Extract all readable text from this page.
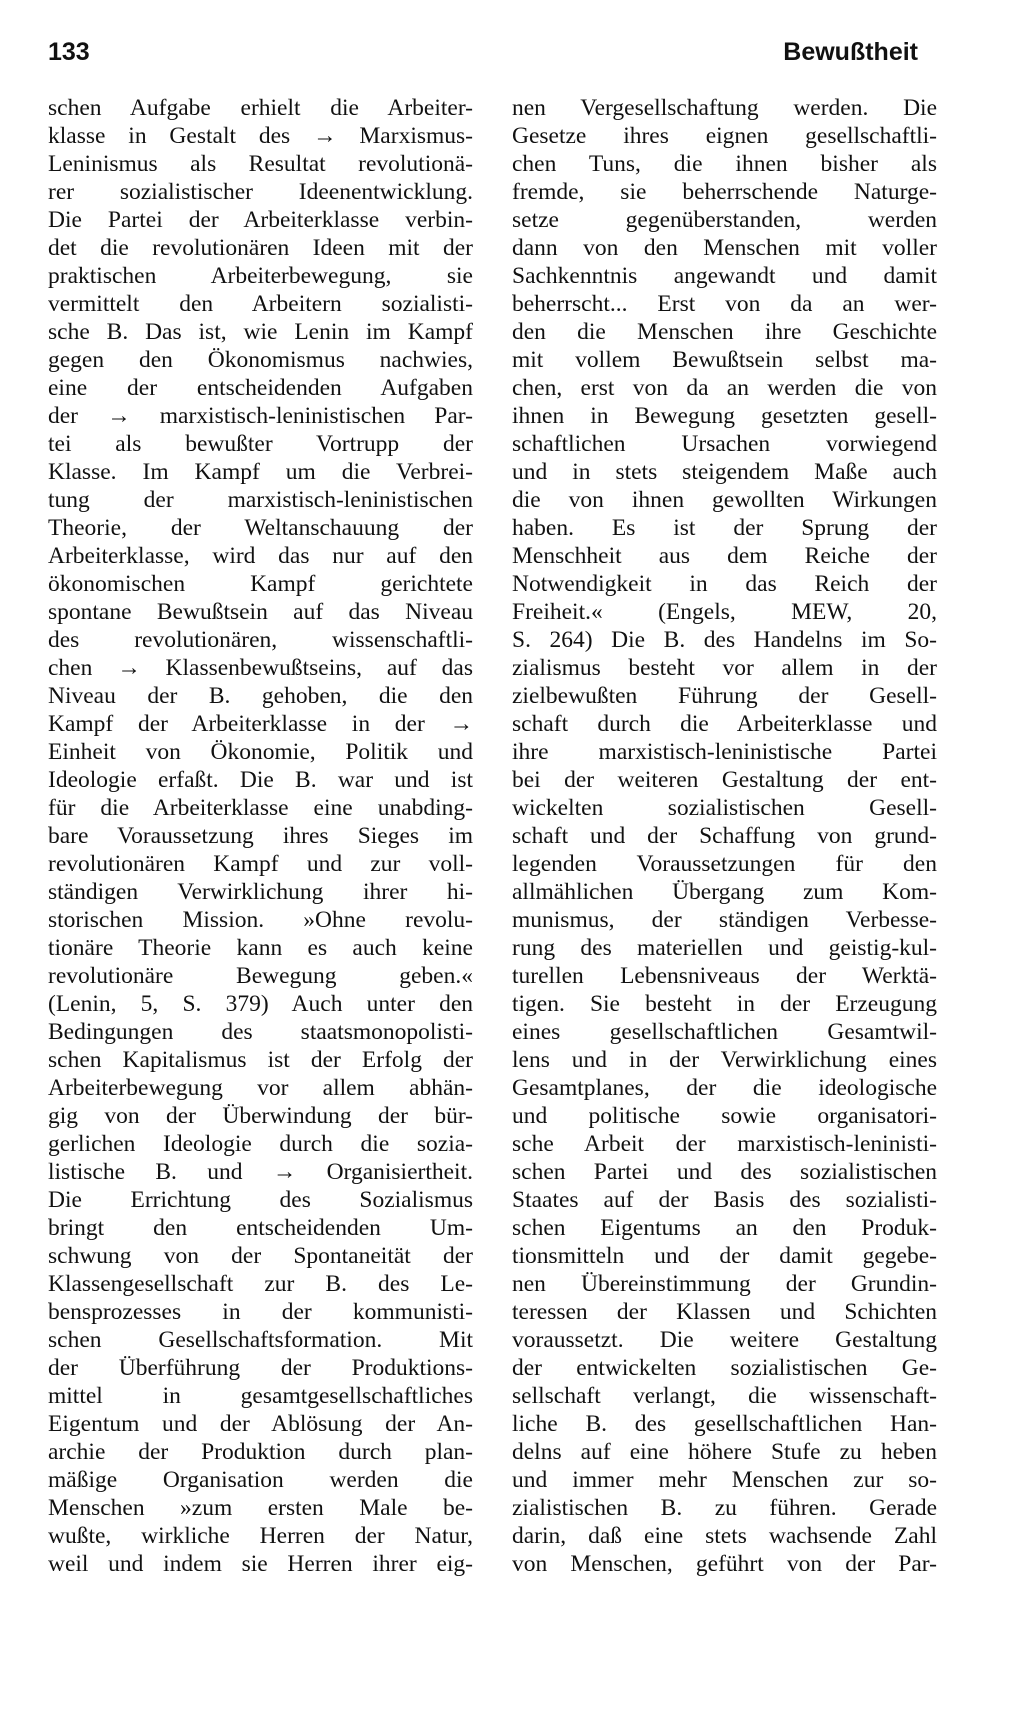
133	Bewußtheit
schen Aufgabe erhielt die Arbeiter-
klasse in Gestalt des → Marxismus-
Leninismus als Resultat revolutionä-
rer sozialistischer Ideenentwicklung.
Die Partei der Arbeiterklasse verbin-
det die revolutionären Ideen mit der
praktischen Arbeiterbewegung, sie
vermittelt den Arbeitern sozialisti-
sche B. Das ist, wie Lenin im Kampf
gegen den Ökonomismus nachwies,
eine der entscheidenden Aufgaben
der → marxistisch-leninistischen Par-
tei als bewußter Vortrupp der
Klasse. Im Kampf um die Verbrei-
tung der marxistisch-leninistischen
Theorie, der Weltanschauung der
Arbeiterklasse, wird das nur auf den
ökonomischen Kampf gerichtete
spontane Bewußtsein auf das Niveau
des revolutionären, wissenschaftli-
chen → Klassenbewußtseins, auf das
Niveau der B. gehoben, die den
Kampf der Arbeiterklasse in der →
Einheit von Ökonomie, Politik und
Ideologie erfaßt. Die B. war und ist
für die Arbeiterklasse eine unabding-
bare Voraussetzung ihres Sieges im
revolutionären Kampf und zur voll-
ständigen Verwirklichung ihrer hi-
storischen Mission. »Ohne revolu-
tionäre Theorie kann es auch keine
revolutionäre Bewegung geben.«
(Lenin, 5, S. 379) Auch unter den
Bedingungen des staatsmonopolisti-
schen Kapitalismus ist der Erfolg der
Arbeiterbewegung vor allem abhän-
gig von der Überwindung der bür-
gerlichen Ideologie durch die sozia-
listische B. und → Organisiertheit.
Die Errichtung des Sozialismus
bringt den entscheidenden Um-
schwung von der Spontaneität der
Klassengesellschaft zur B. des Le-
bensprozesses in der kommunisti-
schen Gesellschaftsformation. Mit
der Überführung der Produktions-
mittel in gesamtgesellschaftliches
Eigentum und der Ablösung der An-
archie der Produktion durch plan-
mäßige Organisation werden die
Menschen »zum ersten Male be-
wußte, wirkliche Herren der Natur,
weil und indem sie Herren ihrer eig-
nen Vergesellschaftung werden. Die
Gesetze ihres eignen gesellschaftli-
chen Tuns, die ihnen bisher als
fremde, sie beherrschende Naturge-
setze gegenüberstanden, werden
dann von den Menschen mit voller
Sachkenntnis angewandt und damit
beherrscht... Erst von da an wer-
den die Menschen ihre Geschichte
mit vollem Bewußtsein selbst ma-
chen, erst von da an werden die von
ihnen in Bewegung gesetzten gesell-
schaftlichen Ursachen vorwiegend
und in stets steigendem Maße auch
die von ihnen gewollten Wirkungen
haben. Es ist der Sprung der
Menschheit aus dem Reiche der
Notwendigkeit in das Reich der
Freiheit.« (Engels, MEW, 20,
S. 264) Die B. des Handelns im So-
zialismus besteht vor allem in der
zielbewußten Führung der Gesell-
schaft durch die Arbeiterklasse und
ihre marxistisch-leninistische Partei
bei der weiteren Gestaltung der ent-
wickelten sozialistischen Gesell-
schaft und der Schaffung von grund-
legenden Voraussetzungen für den
allmählichen Übergang zum Kom-
munismus, der ständigen Verbesse-
rung des materiellen und geistig-kul-
turellen Lebensniveaus der Werktä-
tigen. Sie besteht in der Erzeugung
eines gesellschaftlichen Gesamtwil-
lens und in der Verwirklichung eines
Gesamtplanes, der die ideologische
und politische sowie organisatori-
sche Arbeit der marxistisch-leninisti-
schen Partei und des sozialistischen
Staates auf der Basis des sozialisti-
schen Eigentums an den Produk-
tionsmitteln und der damit gegebe-
nen Übereinstimmung der Grundin-
teressen der Klassen und Schichten
voraussetzt. Die weitere Gestaltung
der entwickelten sozialistischen Ge-
sellschaft verlangt, die wissenschaft-
liche B. des gesellschaftlichen Han-
delns auf eine höhere Stufe zu heben
und immer mehr Menschen zur so-
zialistischen B. zu führen. Gerade
darin, daß eine stets wachsende Zahl
von Menschen, geführt von der Par-
